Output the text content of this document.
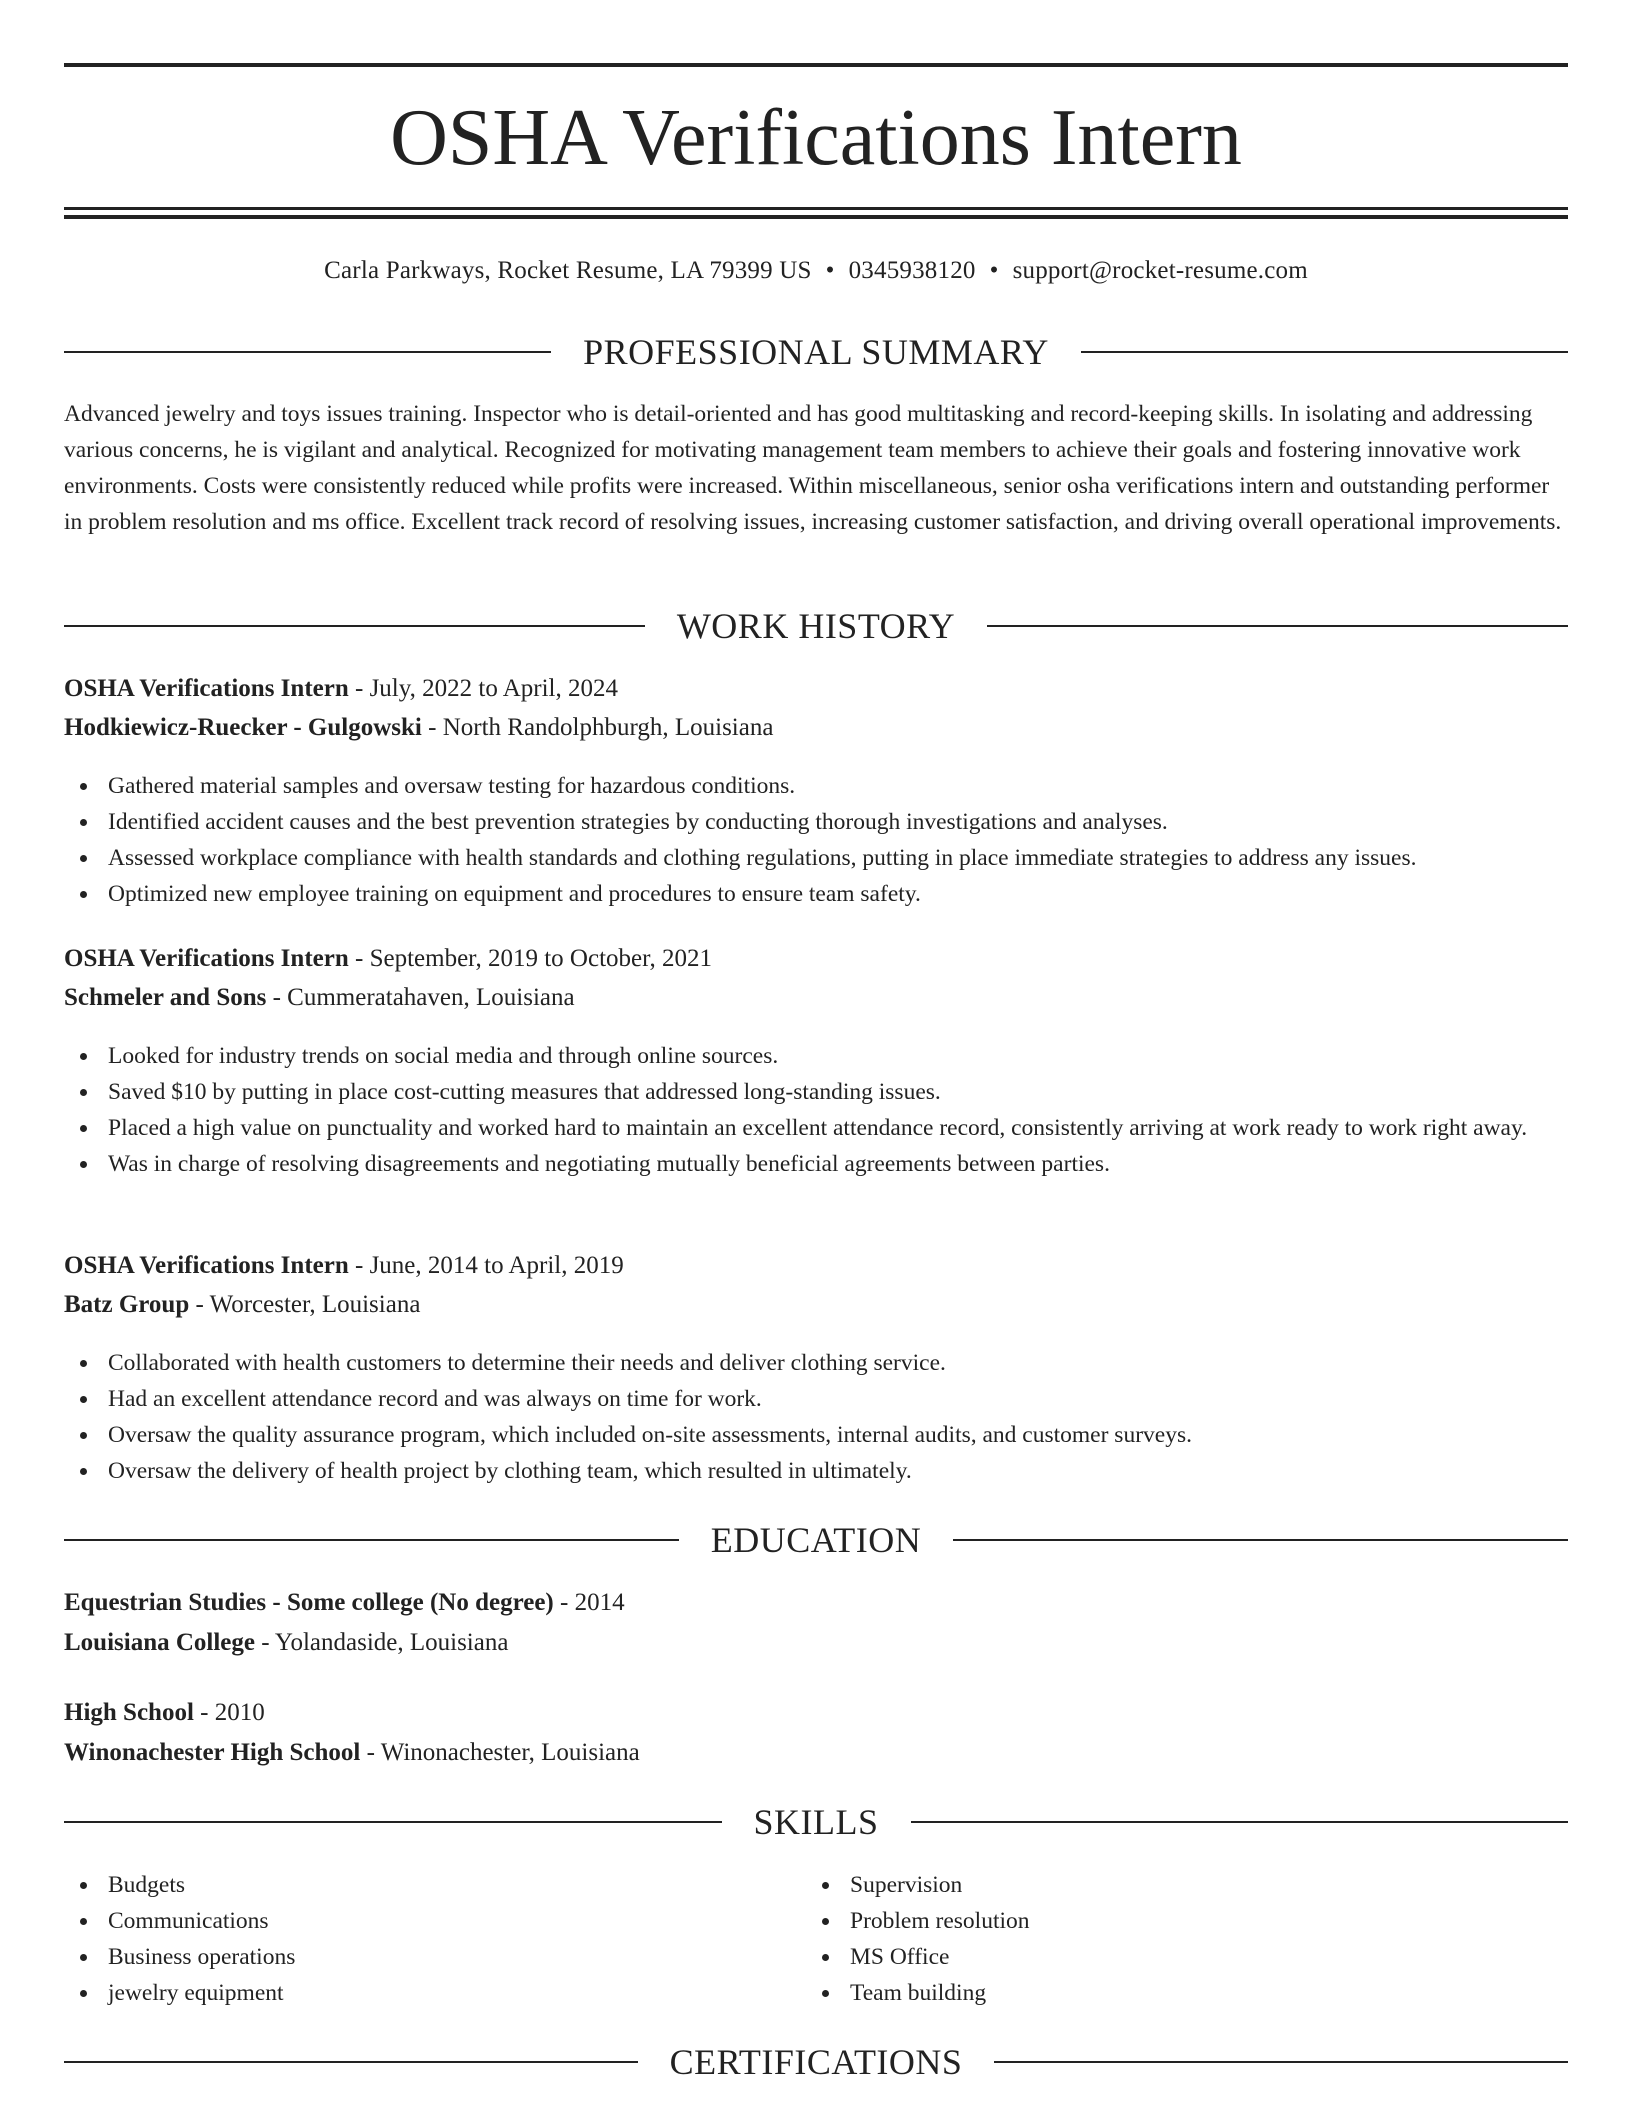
OSHA Verifications Intern
Carla Parkways, Rocket Resume, LA 79399 US • 0345938120 • support@rocket-resume.com
PROFESSIONAL SUMMARY

Advanced jewelry and toys issues training. Inspector who is detail-oriented and has good multitasking and record-keeping skills. In isolating and addressing various concerns, he is vigilant and analytical. Recognized for motivating management team members to achieve their goals and fostering innovative work environments. Costs were consistently reduced while profits were increased. Within miscellaneous, senior osha verifications intern and outstanding performer in problem resolution and ms office. Excellent track record of resolving issues, increasing customer satisfaction, and driving overall operational improvements.

WORK HISTORY
OSHA Verifications Intern - July, 2022 to April, 2024
Hodkiewicz-Ruecker - Gulgowski - North Randolphburgh, Louisiana
Gathered material samples and oversaw testing for hazardous conditions.
Identified accident causes and the best prevention strategies by conducting thorough investigations and analyses.
Assessed workplace compliance with health standards and clothing regulations, putting in place immediate strategies to address any issues.
Optimized new employee training on equipment and procedures to ensure team safety.
OSHA Verifications Intern - September, 2019 to October, 2021
Schmeler and Sons - Cummeratahaven, Louisiana
Looked for industry trends on social media and through online sources.
Saved $10 by putting in place cost-cutting measures that addressed long-standing issues.
Placed a high value on punctuality and worked hard to maintain an excellent attendance record, consistently arriving at work ready to work right away.
Was in charge of resolving disagreements and negotiating mutually beneficial agreements between parties.
OSHA Verifications Intern - June, 2014 to April, 2019
Batz Group - Worcester, Louisiana
Collaborated with health customers to determine their needs and deliver clothing service.
Had an excellent attendance record and was always on time for work.
Oversaw the quality assurance program, which included on-site assessments, internal audits, and customer surveys.
Oversaw the delivery of health project by clothing team, which resulted in ultimately.
EDUCATION
Equestrian Studies - Some college (No degree) - 2014
Louisiana College - Yolandaside, Louisiana
High School - 2010
Winonachester High School - Winonachester, Louisiana
SKILLS
Budgets
Communications
Business operations
jewelry equipment
Supervision
Problem resolution
MS Office
Team building
CERTIFICATIONS
